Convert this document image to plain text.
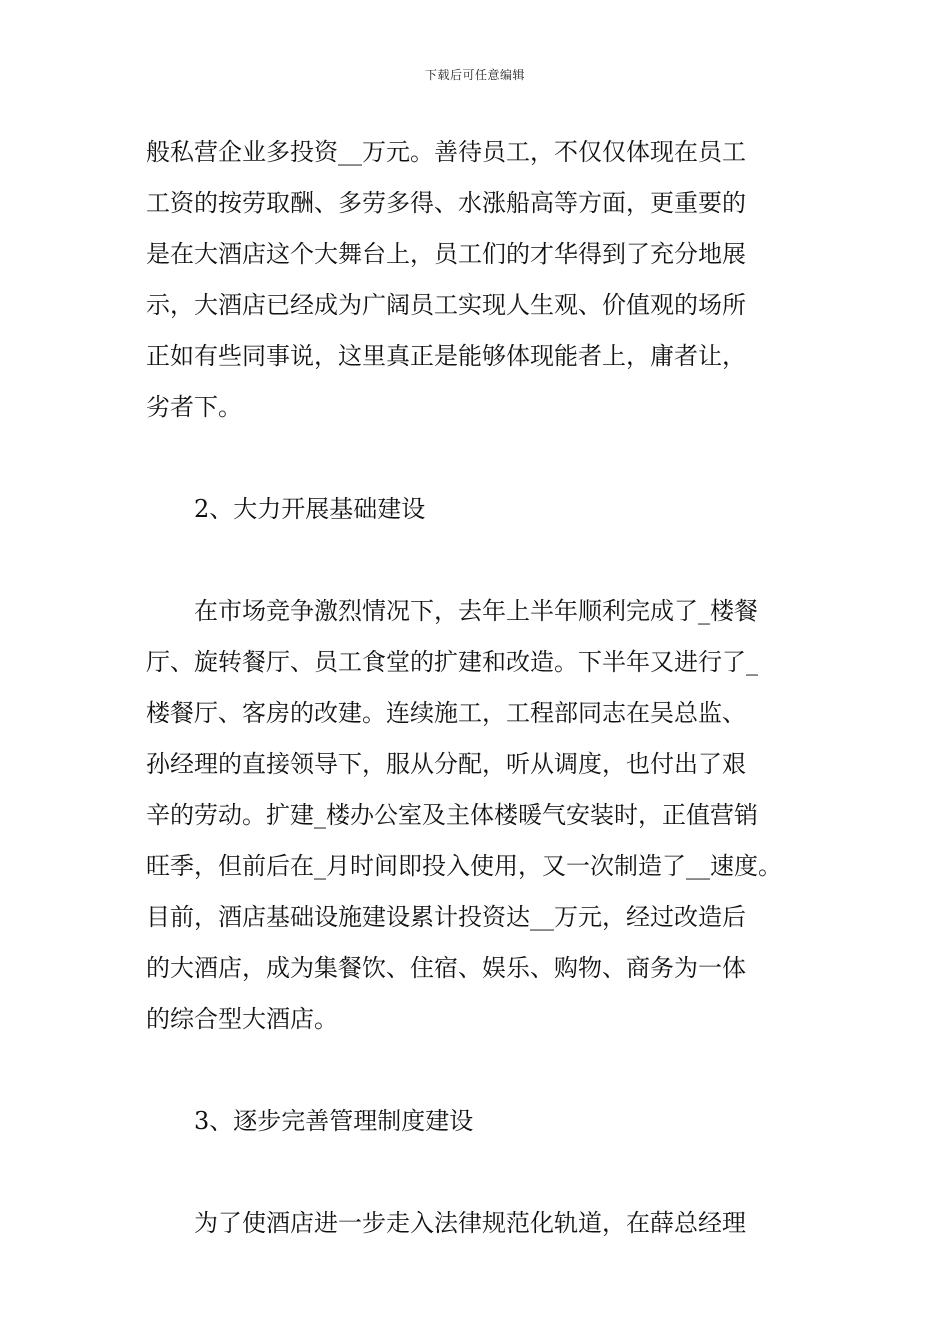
下载后可任意编辑
般私营企业多投资__万元。善待员工，不仅仅体现在员工
工资的按劳取酬、多劳多得、水涨船高等方面，更重要的
是在大酒店这个大舞台上，员工们的才华得到了充分地展
示，大酒店已经成为广阔员工实现人生观、价值观的场所
正如有些同事说，这里真正是能够体现能者上，庸者让，
劣者下。
2、大力开展基础建设
在市场竞争激烈情况下，去年上半年顺利完成了_楼餐
厅、旋转餐厅、员工食堂的扩建和改造。下半年又进行了_
楼餐厅、客房的改建。连续施工，工程部同志在吴总监、
孙经理的直接领导下，服从分配，听从调度，也付出了艰
辛的劳动。扩建_楼办公室及主体楼暖气安装时，正值营销
旺季，但前后在_月时间即投入使用，又一次制造了__速度。
目前，酒店基础设施建设累计投资达__万元，经过改造后
的大酒店，成为集餐饮、住宿、娱乐、购物、商务为一体
的综合型大酒店。
3、逐步完善管理制度建设
为了使酒店进一步走入法律规范化轨道，在薛总经理
